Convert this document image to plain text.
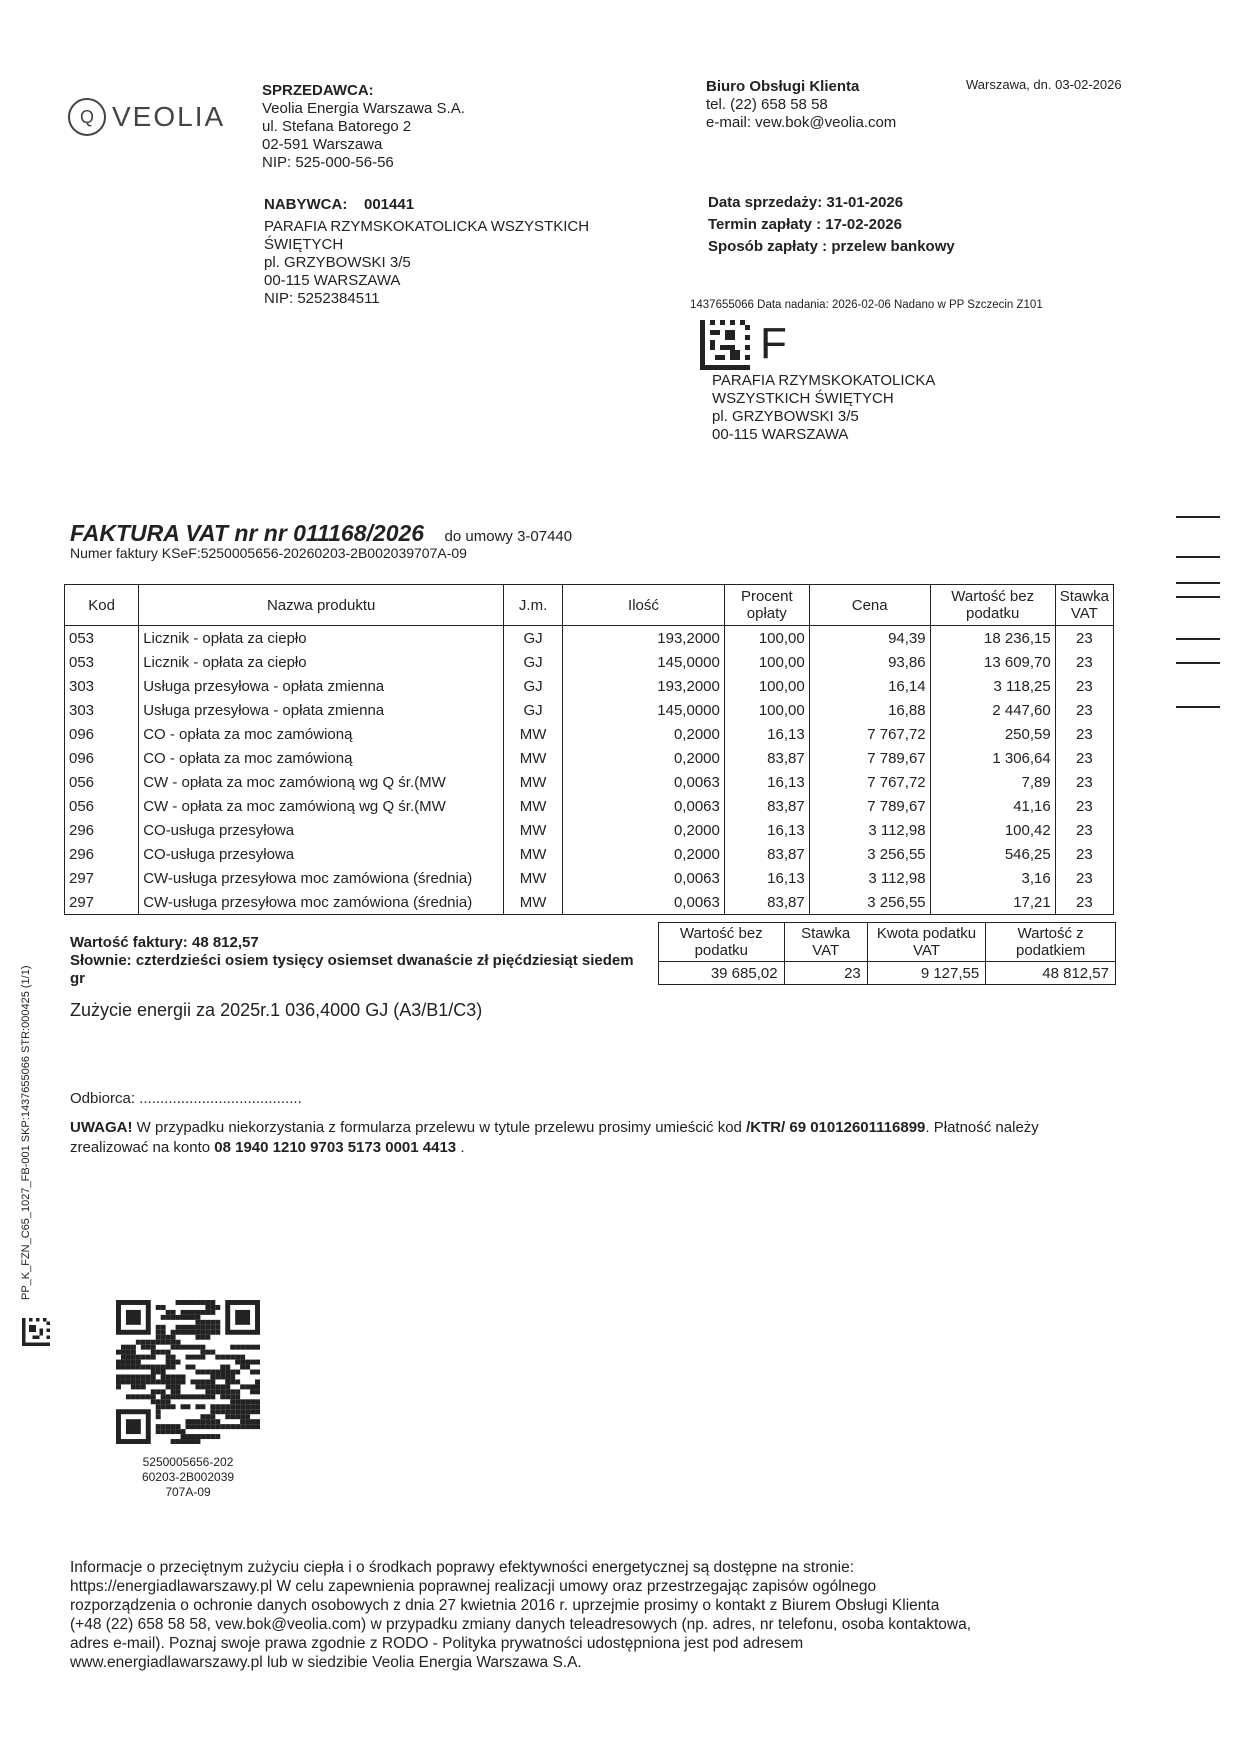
Q VEOLIA
SPRZEDAWCA:
Veolia Energia Warszawa S.A.
ul. Stefana Batorego 2
02-591 Warszawa
NIP: 525-000-56-56
Biuro Obsługi Klienta
tel. (22) 658 58 58
e-mail: vew.bok@veolia.com
Warszawa, dn. 03-02-2026
NABYWCA: 001441
PARAFIA RZYMSKOKATOLICKA WSZYSTKICH
ŚWIĘTYCH
pl. GRZYBOWSKI 3/5
00-115 WARSZAWA
NIP: 5252384511
Data sprzedaży: 31-01-2026
Termin zapłaty : 17-02-2026
Sposób zapłaty : przelew bankowy
1437655066 Data nadania: 2026-02-06 Nadano w PP Szczecin Z101
F
PARAFIA RZYMSKOKATOLICKA
WSZYSTKICH ŚWIĘTYCH
pl. GRZYBOWSKI 3/5
00-115 WARSZAWA
FAKTURA VAT nr nr 011168/2026 do umowy 3-07440
Numer faktury KSeF:5250005656-20260203-2B002039707A-09
Kod	Nazwa produktu	J.m.	Ilość	Procent opłaty	Cena	Wartość bez podatku	Stawka VAT
053	Licznik - opłata za ciepło	GJ	193,2000	100,00	94,39	18 236,15	23
053	Licznik - opłata za ciepło	GJ	145,0000	100,00	93,86	13 609,70	23
303	Usługa przesyłowa - opłata zmienna	GJ	193,2000	100,00	16,14	3 118,25	23
303	Usługa przesyłowa - opłata zmienna	GJ	145,0000	100,00	16,88	2 447,60	23
096	CO - opłata za moc zamówioną	MW	0,2000	16,13	7 767,72	250,59	23
096	CO - opłata za moc zamówioną	MW	0,2000	83,87	7 789,67	1 306,64	23
056	CW - opłata za moc zamówioną wg Q śr.(MW	MW	0,0063	16,13	7 767,72	7,89	23
056	CW - opłata za moc zamówioną wg Q śr.(MW	MW	0,0063	83,87	7 789,67	41,16	23
296	CO-usługa przesyłowa	MW	0,2000	16,13	3 112,98	100,42	23
296	CO-usługa przesyłowa	MW	0,2000	83,87	3 256,55	546,25	23
297	CW-usługa przesyłowa moc zamówiona (średnia)	MW	0,0063	16,13	3 112,98	3,16	23
297	CW-usługa przesyłowa moc zamówiona (średnia)	MW	0,0063	83,87	3 256,55	17,21	23
Wartość faktury: 48 812,57
Słownie: czterdzieści osiem tysięcy osiemset dwanaście zł pięćdziesiąt siedem gr
Wartość bez podatku	Stawka VAT	Kwota podatku VAT	Wartość z podatkiem
39 685,02	23	9 127,55	48 812,57
Zużycie energii za 2025r.1 036,4000 GJ (A3/B1/C3)
Odbiorca: .......................................
UWAGA! W przypadku niekorzystania z formularza przelewu w tytule przelewu prosimy umieścić kod /KTR/ 69 01012601116899. Płatność należy
zrealizować na konto 08 1940 1210 9703 5173 0001 4413 .
PP_K_FZN_C65_1027_FB-001 SKP:1437655066 STR:000425 (1/1)
5250005656-202
60203-2B002039
707A-09
Informacje o przeciętnym zużyciu ciepła i o środkach poprawy efektywności energetycznej są dostępne na stronie:
https://energiadlawarszawy.pl W celu zapewnienia poprawnej realizacji umowy oraz przestrzegając zapisów ogólnego
rozporządzenia o ochronie danych osobowych z dnia 27 kwietnia 2016 r. uprzejmie prosimy o kontakt z Biurem Obsługi Klienta
(+48 (22) 658 58 58, vew.bok@veolia.com) w przypadku zmiany danych teleadresowych (np. adres, nr telefonu, osoba kontaktowa,
adres e-mail). Poznaj swoje prawa zgodnie z RODO - Polityka prywatności udostępniona jest pod adresem
www.energiadlawarszawy.pl lub w siedzibie Veolia Energia Warszawa S.A.
